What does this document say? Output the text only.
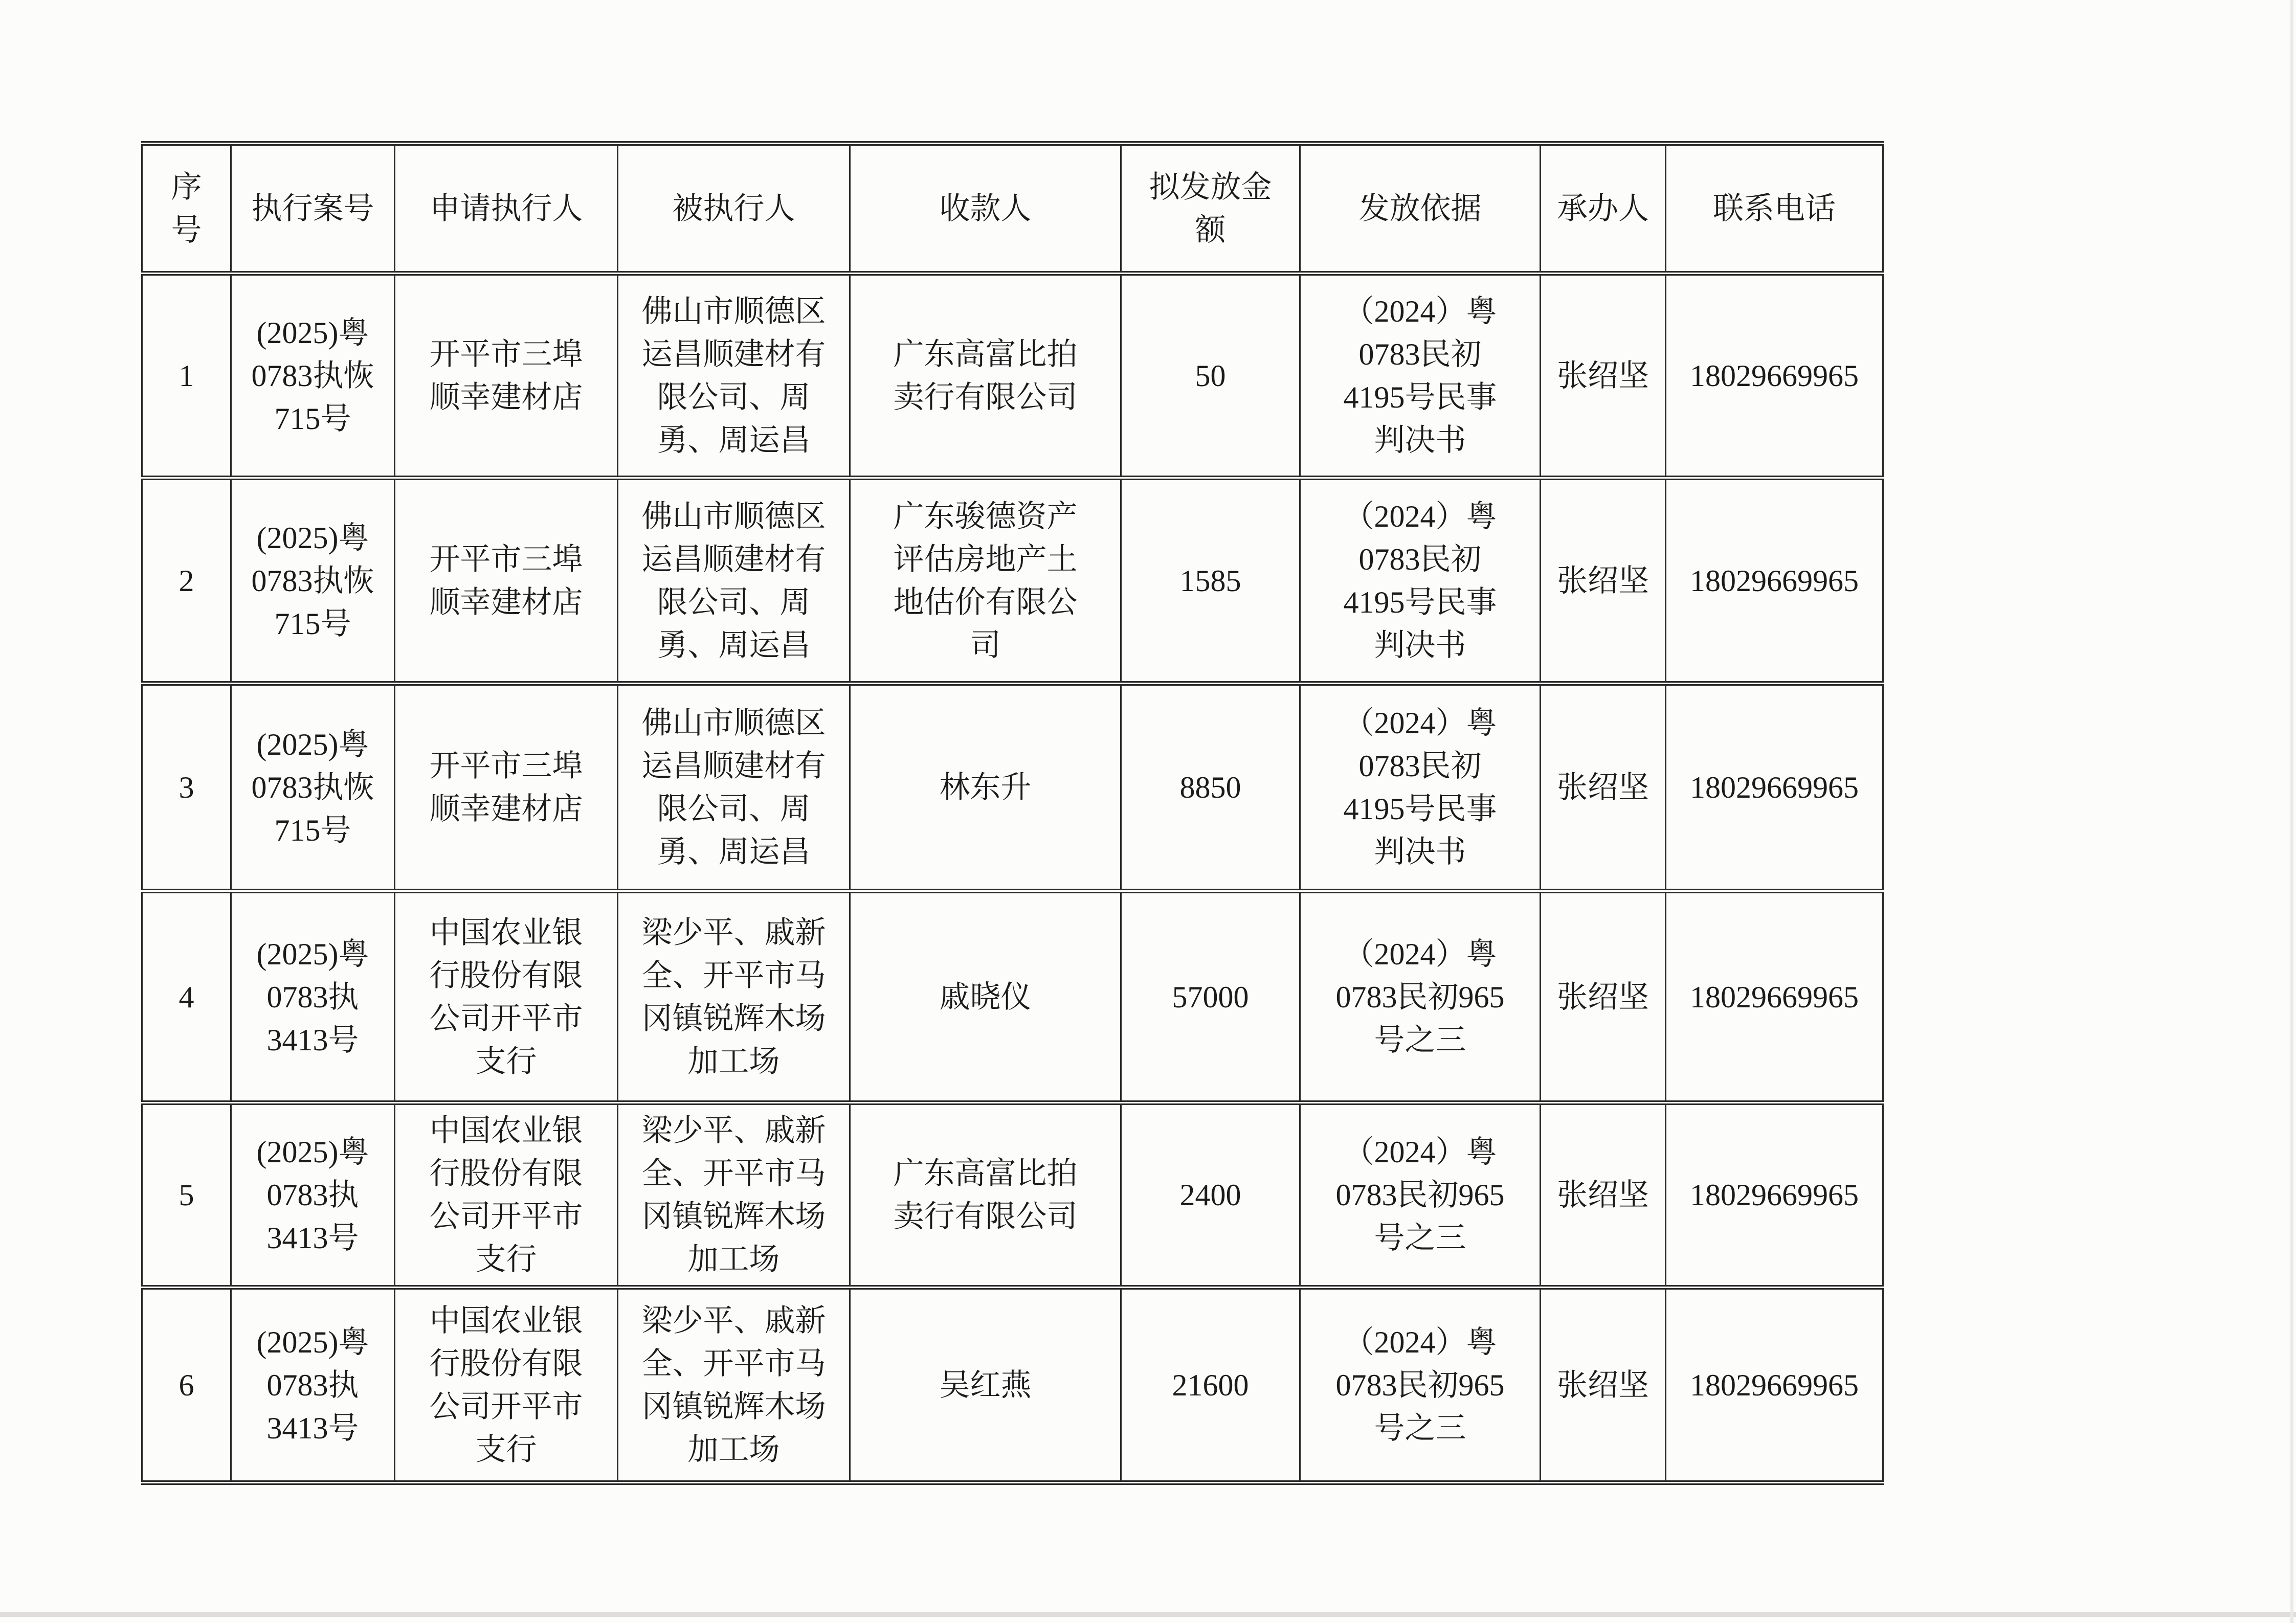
序号	执行案号	申请执行人	被执行人	收款人	拟发放金额	发放依据	承办人	联系电话

1	(2025)粤0783执恢715号	开平市三埠顺幸建材店	佛山市顺德区运昌顺建材有限公司、周勇、周运昌	广东高富比拍卖行有限公司	50	（2024）粤0783民初4195号民事判决书	张绍坚	18029669965

2	(2025)粤0783执恢715号	开平市三埠顺幸建材店	佛山市顺德区运昌顺建材有限公司、周勇、周运昌	广东骏德资产评估房地产土地估价有限公司	1585	（2024）粤0783民初4195号民事判决书	张绍坚	18029669965

3	(2025)粤0783执恢715号	开平市三埠顺幸建材店	佛山市顺德区运昌顺建材有限公司、周勇、周运昌	林东升	8850	（2024）粤0783民初4195号民事判决书	张绍坚	18029669965

4	(2025)粤0783执3413号	中国农业银行股份有限公司开平市支行	梁少平、戚新全、开平市马冈镇锐辉木场加工场	戚晓仪	57000	（2024）粤0783民初965号之三	张绍坚	18029669965

5	(2025)粤0783执3413号	中国农业银行股份有限公司开平市支行	梁少平、戚新全、开平市马冈镇锐辉木场加工场	广东高富比拍卖行有限公司	2400	（2024）粤0783民初965号之三	张绍坚	18029669965

6	(2025)粤0783执3413号	中国农业银行股份有限公司开平市支行	梁少平、戚新全、开平市马冈镇锐辉木场加工场	吴红燕	21600	（2024）粤0783民初965号之三	张绍坚	18029669965
